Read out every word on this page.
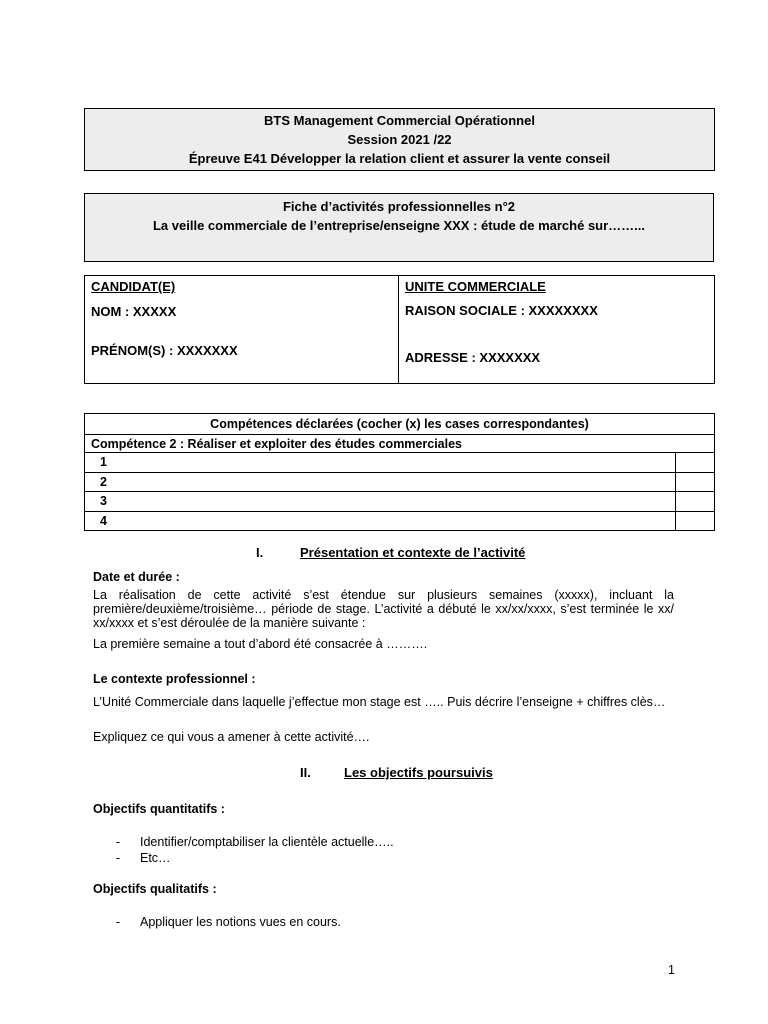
BTS Management Commercial Opérationnel
Session 2021 /22
Épreuve E41 Développer la relation client et assurer la vente conseil
Fiche d’activités professionnelles n°2
La veille commerciale de l’entreprise/enseigne XXX : étude de marché sur……...
CANDIDAT(E)
NOM : XXXXX
PRÉNOM(S) : XXXXXXX
UNITE COMMERCIALE
RAISON SOCIALE : XXXXXXXX
ADRESSE : XXXXXXX
Compétences déclarées (cocher (x) les cases correspondantes)	
Compétence 2 : Réaliser et exploiter des études commerciales	
1	
2	
3	
4	
I.	Présentation et contexte de l’activité
Date et durée :
La réalisation de cette activité s’est étendue sur plusieurs semaines (xxxxx), incluant la première/deuxième/troisième… période de stage. L’activité a débuté le xx/xx/xxxx, s’est terminée le xx/ xx/xxxx et s’est déroulée de la manière suivante :
La première semaine a tout d’abord été consacrée à ……….
Le contexte professionnel :
L’Unité Commerciale dans laquelle j’effectue mon stage est ….. Puis décrire l’enseigne + chiffres clès…
Expliquez ce qui vous a amener à cette activité….
II.	Les objectifs poursuivis
Objectifs quantitatifs :
- Identifier/comptabiliser la clientèle actuelle…..
- Etc…
Objectifs qualitatifs :
- Appliquer les notions vues en cours.
1
